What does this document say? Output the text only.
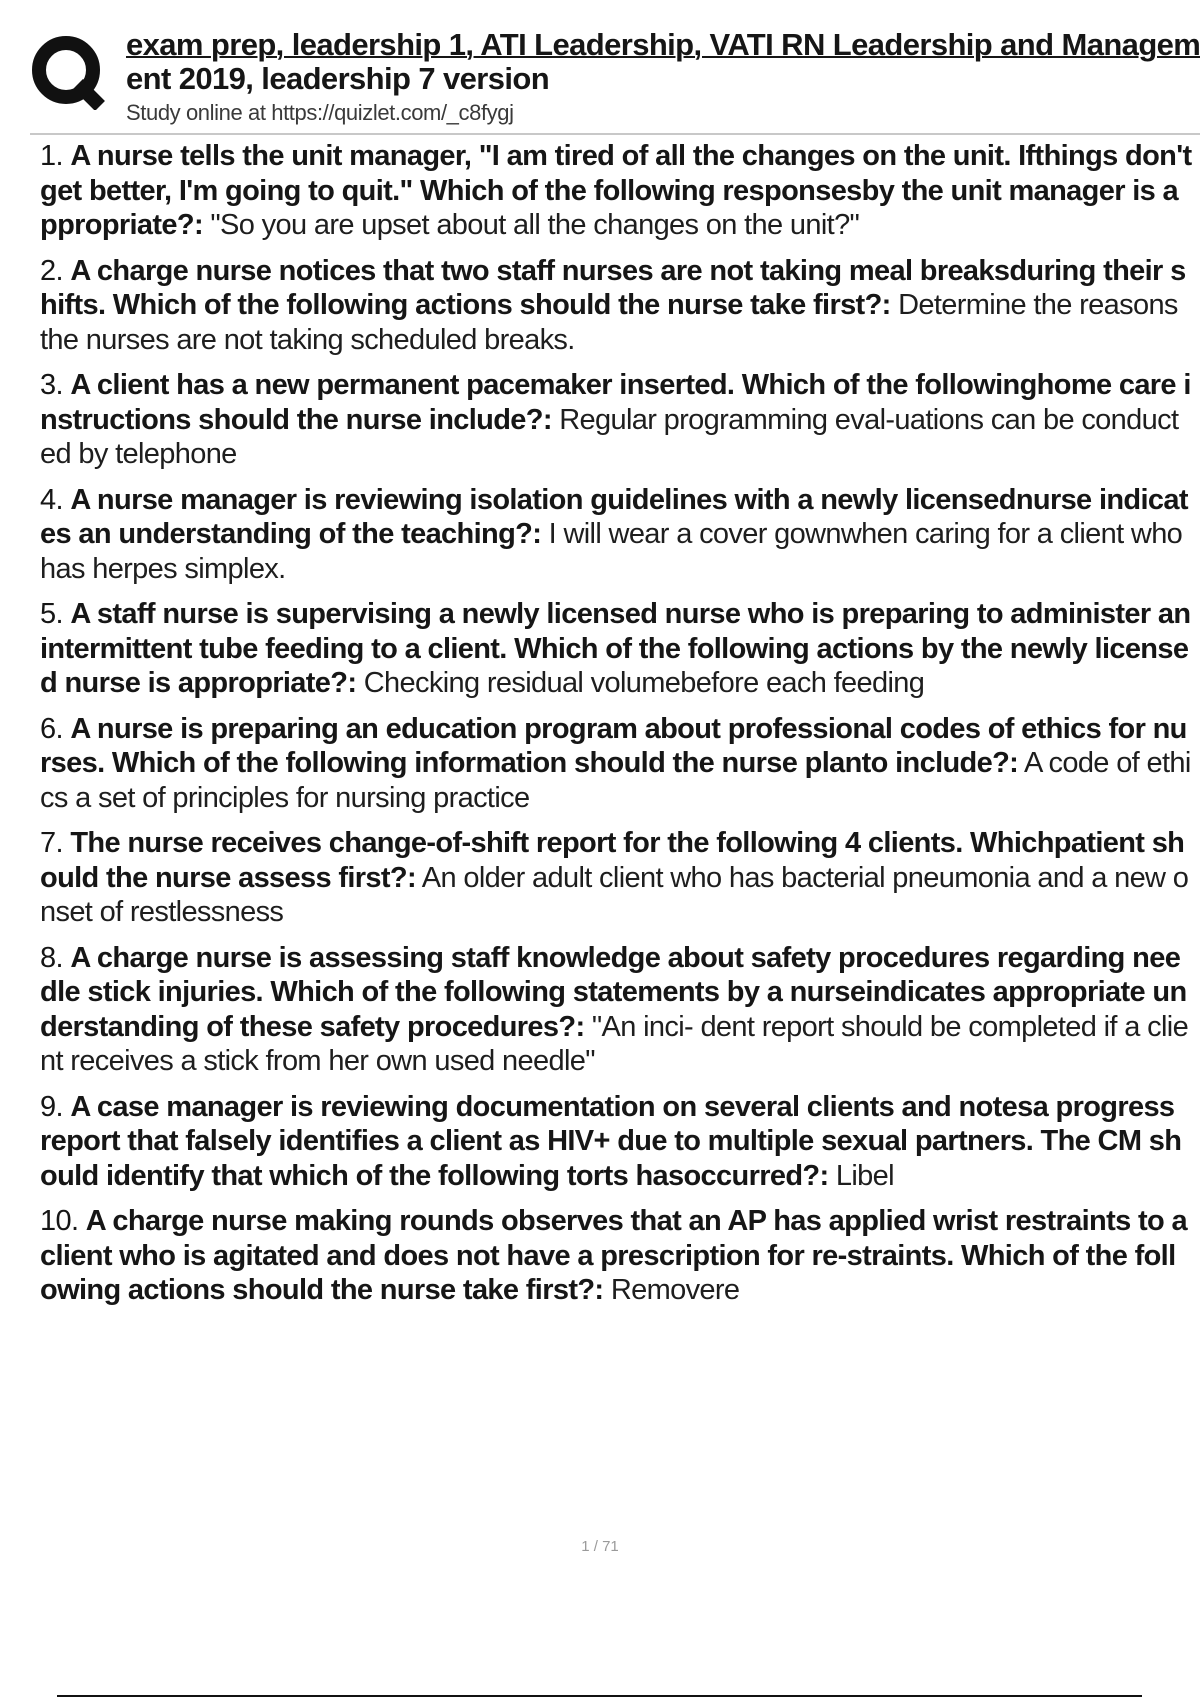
exam prep, leadership 1, ATI Leadership, VATI RN Leadership and Managem
ent 2019, leadership 7 version
Study online at https://quizlet.com/_c8fygj

1. A nurse tells the unit manager, "I am tired of all the changes on the unit. Ifthings don't get better, I'm going to quit." Which of the following responsesby the unit manager is appropriate?: "So you are upset about all the changes on the unit?"

2. A charge nurse notices that two staff nurses are not taking meal breaksduring their shifts. Which of the following actions should the nurse take first?: Determine the reasons the nurses are not taking scheduled breaks.

3. A client has a new permanent pacemaker inserted. Which of the followinghome care instructions should the nurse include?: Regular programming eval-uations can be conducted by telephone

4. A nurse manager is reviewing isolation guidelines with a newly licensednurse indicates an understanding of the teaching?: I will wear a cover gownwhen caring for a client who has herpes simplex.

5. A staff nurse is supervising a newly licensed nurse who is preparing to administer an intermittent tube feeding to a client. Which of the following actions by the newly licensed nurse is appropriate?: Checking residual volumebefore each feeding

6. A nurse is preparing an education program about professional codes of ethics for nurses. Which of the following information should the nurse planto include?: A code of ethics a set of principles for nursing practice

7. The nurse receives change-of-shift report for the following 4 clients. Whichpatient should the nurse assess first?: An older adult client who has bacterial pneumonia and a new onset of restlessness

8. A charge nurse is assessing staff knowledge about safety procedures regarding needle stick injuries. Which of the following statements by a nurseindicates appropriate understanding of these safety procedures?: "An inci- dent report should be completed if a client receives a stick from her own used needle"

9. A case manager is reviewing documentation on several clients and notesa progress report that falsely identifies a client as HIV+ due to multiple sexual partners. The CM should identify that which of the following torts hasoccurred?: Libel

10. A charge nurse making rounds observes that an AP has applied wrist restraints to a client who is agitated and does not have a prescription for re-straints. Which of the following actions should the nurse take first?: Removere

1 / 71
